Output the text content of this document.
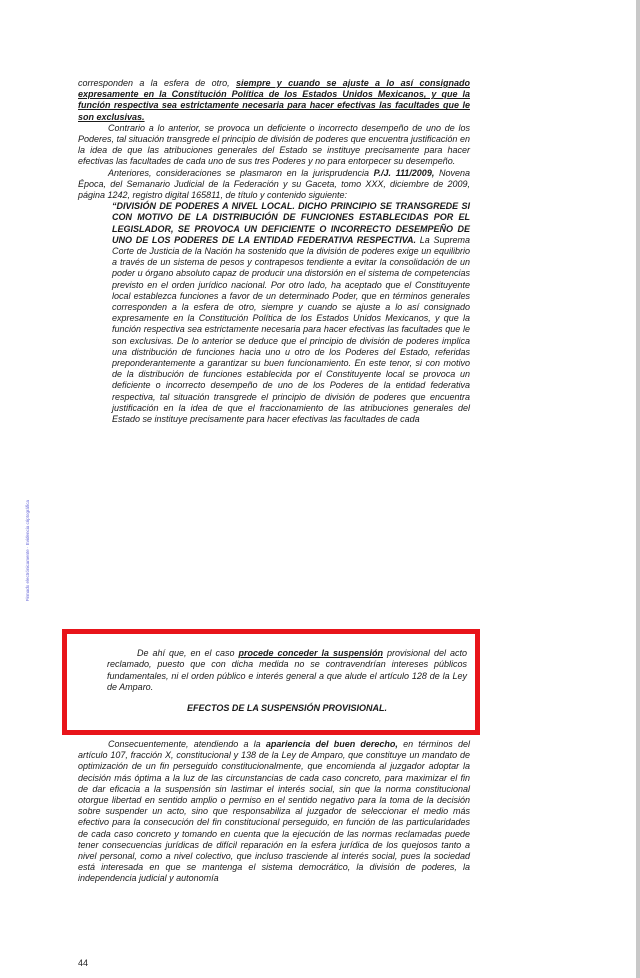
corresponden a la esfera de otro, siempre y cuando se ajuste a lo así consignado expresamente en la Constitución Política de los Estados Unidos Mexicanos, y que la función respectiva sea estrictamente necesaria para hacer efectivas las facultades que le son exclusivas.

Contrario a lo anterior, se provoca un deficiente o incorrecto desempeño de uno de los Poderes, tal situación transgrede el principio de división de poderes que encuentra justificación en la idea de que las atribuciones generales del Estado se instituye precisamente para hacer efectivas las facultades de cada uno de sus tres Poderes y no para entorpecer su desempeño.

Anteriores, consideraciones se plasmaron en la jurisprudencia P./J. 111/2009, Novena Época, del Semanario Judicial de la Federación y su Gaceta, tomo XXX, diciembre de 2009, página 1242, registro digital 165811, de título y contenido siguiente:

“DIVISIÓN DE PODERES A NIVEL LOCAL. DICHO PRINCIPIO SE TRANSGREDE SI CON MOTIVO DE LA DISTRIBUCIÓN DE FUNCIONES ESTABLECIDAS POR EL LEGISLADOR, SE PROVOCA UN DEFICIENTE O INCORRECTO DESEMPEÑO DE UNO DE LOS PODERES DE LA ENTIDAD FEDERATIVA RESPECTIVA. La Suprema Corte de Justicia de la Nación ha sostenido que la división de poderes exige un equilibrio a través de un sistema de pesos y contrapesos tendiente a evitar la consolidación de un poder u órgano absoluto capaz de producir una distorsión en el sistema de competencias previsto en el orden jurídico nacional. Por otro lado, ha aceptado que el Constituyente local establezca funciones a favor de un determinado Poder, que en términos generales corresponden a la esfera de otro, siempre y cuando se ajuste a lo así consignado expresamente en la Constitución Política de los Estados Unidos Mexicanos, y que la función respectiva sea estrictamente necesaria para hacer efectivas las facultades que le son exclusivas. De lo anterior se deduce que el principio de división de poderes implica una distribución de funciones hacia uno u otro de los Poderes del Estado, referidas preponderantemente a garantizar su buen funcionamiento. En este tenor, si con motivo de la distribución de funciones establecida por el Constituyente local se provoca un deficiente o incorrecto desempeño de uno de los Poderes de la entidad federativa respectiva, tal situación transgrede el principio de división de poderes que encuentra justificación en la idea de que el fraccionamiento de las atribuciones generales del Estado se instituye precisamente para hacer efectivas las facultades de cada

Firmado electrónicamente · Evidencia criptográfica

De ahí que, en el caso procede conceder la suspensión provisional del acto reclamado, puesto que con dicha medida no se contravendrían intereses públicos fundamentales, ni el orden público e interés general a que alude el artículo 128 de la Ley de Amparo.

EFECTOS DE LA SUSPENSIÓN PROVISIONAL.

Consecuentemente, atendiendo a la apariencia del buen derecho, en términos del artículo 107, fracción X, constitucional y 138 de la Ley de Amparo, que constituye un mandato de optimización de un fin perseguido constitucionalmente, que encomienda al juzgador adoptar la decisión más óptima a la luz de las circunstancias de cada caso concreto, para maximizar el fin de dar eficacia a la suspensión sin lastimar el interés social, sin que la norma constitucional otorgue libertad en sentido amplio o permiso en el sentido negativo para la toma de la decisión sobre suspender un acto, sino que responsabiliza al juzgador de seleccionar el medio más efectivo para la consecución del fin constitucional perseguido, en función de las particularidades de cada caso concreto y tomando en cuenta que la ejecución de las normas reclamadas puede tener consecuencias jurídicas de difícil reparación en la esfera jurídica de los quejosos tanto a nivel personal, como a nivel colectivo, que incluso trasciende al interés social, pues la sociedad está interesada en que se mantenga el sistema democrático, la división de poderes, la independencia judicial y autonomía

44
